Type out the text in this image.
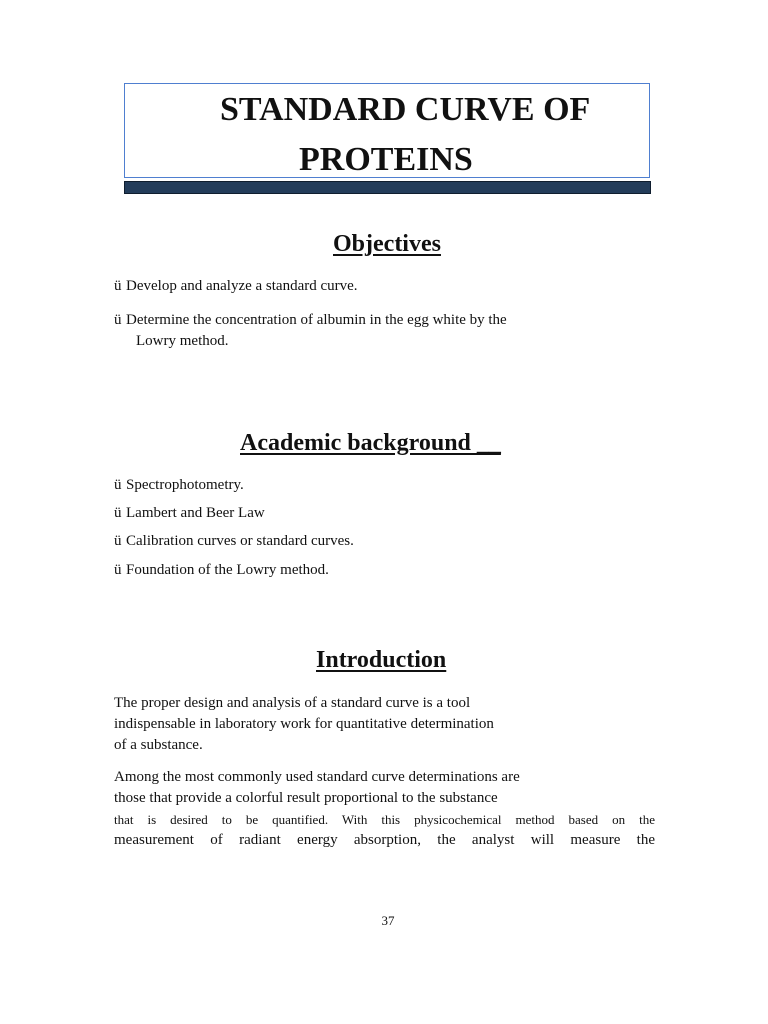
STANDARD CURVE OF
PROTEINS
Objectives
ü Develop and analyze a standard curve.
ü Determine the concentration of albumin in the egg white by the
Lowry method.
Academic background __
ü Spectrophotometry.
ü Lambert and Beer Law
ü Calibration curves or standard curves.
ü Foundation of the Lowry method.
Introduction
The proper design and analysis of a standard curve is a tool
indispensable in laboratory work for quantitative determination
of a substance.
Among the most commonly used standard curve determinations are
those that provide a colorful result proportional to the substance
that is desired to be quantified. With this physicochemical method based on the
measurement of radiant energy absorption, the analyst will measure the
37
